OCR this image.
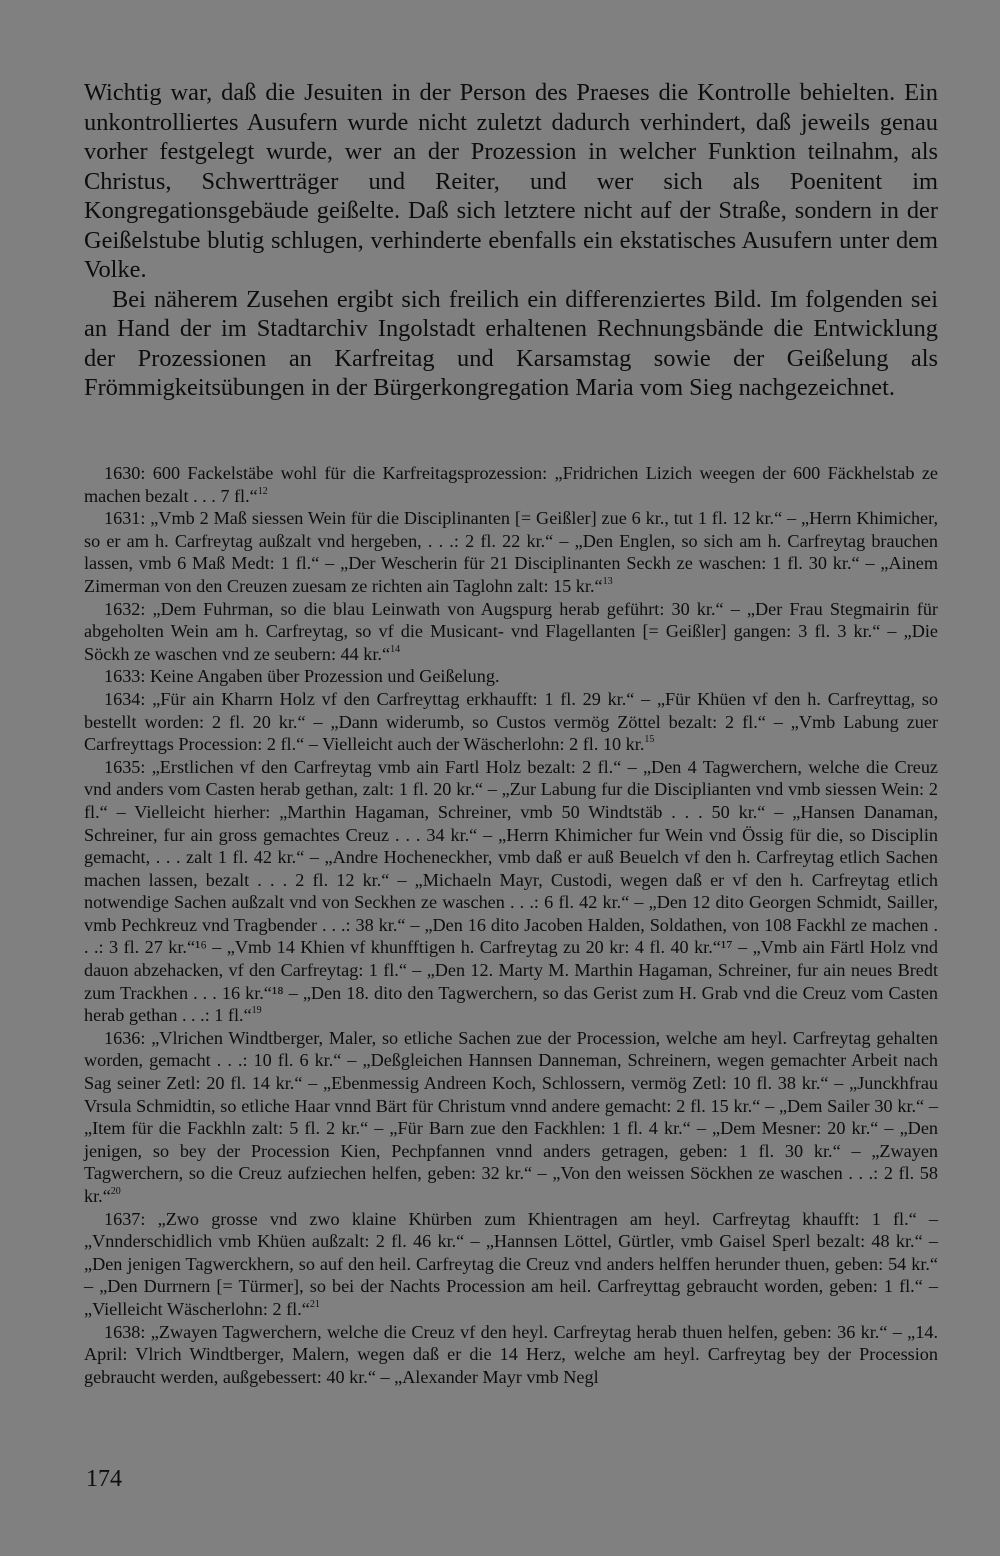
Wichtig war, daß die Jesuiten in der Person des Praeses die Kontrolle behielten. Ein unkontrolliertes Ausufern wurde nicht zuletzt dadurch verhindert, daß jeweils genau vorher festgelegt wurde, wer an der Prozession in welcher Funktion teilnahm, als Christus, Schwertträger und Reiter, und wer sich als Poenitent im Kongregationsgebäude geißelte. Daß sich letztere nicht auf der Straße, sondern in der Geißelstube blutig schlugen, verhinderte ebenfalls ein ekstatisches Ausufern unter dem Volke.

Bei näherem Zusehen ergibt sich freilich ein differenziertes Bild. Im folgenden sei an Hand der im Stadtarchiv Ingolstadt erhaltenen Rechnungsbände die Entwicklung der Prozessionen an Karfreitag und Karsamstag sowie der Geißelung als Frömmigkeitsübungen in der Bürgerkongregation Maria vom Sieg nachgezeichnet.

1630: 600 Fackelstäbe wohl für die Karfreitagsprozession: „Fridrichen Lizich weegen der 600 Fäckhelstab ze machen bezalt . . . 7 fl.“$^{12}$

1631: „Vmb 2 Maß siessen Wein für die Disciplinanten [= Geißler] zue 6 kr., tut 1 fl. 12 kr.“ – „Herrn Khimicher, so er am h. Carfreytag außzalt vnd hergeben, . . .: 2 fl. 22 kr.“ – „Den Englen, so sich am h. Carfreytag brauchen lassen, vmb 6 Maß Medt: 1 fl.“ – „Der Wescherin für 21 Disciplinanten Seckh ze waschen: 1 fl. 30 kr.“ – „Ainem Zimerman von den Creuzen zuesam ze richten ain Taglohn zalt: 15 kr.“$^{13}$

1632: „Dem Fuhrman, so die blau Leinwath von Augspurg herab geführt: 30 kr.“ – „Der Frau Stegmairin für abgeholten Wein am h. Carfreytag, so vf die Musicant- vnd Flagellanten [= Geißler] gangen: 3 fl. 3 kr.“ – „Die Söckh ze waschen vnd ze seubern: 44 kr.“$^{14}$

1633: Keine Angaben über Prozession und Geißelung.

1634: „Für ain Kharrn Holz vf den Carfreyttag erkhaufft: 1 fl. 29 kr.“ – „Für Khüen vf den h. Carfreyttag, so bestellt worden: 2 fl. 20 kr.“ – „Dann widerumb, so Custos vermög Zöttel bezalt: 2 fl.“ – „Vmb Labung zuer Carfreyttags Procession: 2 fl.“ – Vielleicht auch der Wäscherlohn: 2 fl. 10 kr.$^{15}$

1635: „Erstlichen vf den Carfreytag vmb ain Fartl Holz bezalt: 2 fl.“ – „Den 4 Tagwerchern, welche die Creuz vnd anders vom Casten herab gethan, zalt: 1 fl. 20 kr.“ – „Zur Labung fur die Disciplianten vnd vmb siessen Wein: 2 fl.“ – Vielleicht hierher: „Marthin Hagaman, Schreiner, vmb 50 Windtstäb . . . 50 kr.“ – „Hansen Danaman, Schreiner, fur ain gross gemachtes Creuz . . . 34 kr.“ – „Herrn Khimicher fur Wein vnd Össig für die, so Disciplin gemacht, . . . zalt 1 fl. 42 kr.“ – „Andre Hocheneckher, vmb daß er auß Beuelch vf den h. Carfreytag etlich Sachen machen lassen, bezalt . . . 2 fl. 12 kr.“ – „Michaeln Mayr, Custodi, wegen daß er vf den h. Carfreytag etlich notwendige Sachen außzalt vnd von Seckhen ze waschen . . .: 6 fl. 42 kr.“ – „Den 12 dito Georgen Schmidt, Sailler, vmb Pechkreuz vnd Tragbender . . .: 38 kr.“ – „Den 16 dito Jacoben Halden, Soldathen, von 108 Fackhl ze machen . . .: 3 fl. 27 kr.“¹⁶ – „Vmb 14 Khien vf khunfftigen h. Carfreytag zu 20 kr: 4 fl. 40 kr.“¹⁷ – „Vmb ain Färtl Holz vnd dauon abzehacken, vf den Carfreytag: 1 fl.“ – „Den 12. Marty M. Marthin Hagaman, Schreiner, fur ain neues Bredt zum Trackhen . . . 16 kr.“¹⁸ – „Den 18. dito den Tagwerchern, so das Gerist zum H. Grab vnd die Creuz vom Casten herab gethan . . .: 1 fl.“$^{19}$

1636: „Vlrichen Windtberger, Maler, so etliche Sachen zue der Procession, welche am heyl. Carfreytag gehalten worden, gemacht . . .: 10 fl. 6 kr.“ – „Deßgleichen Hannsen Danneman, Schreinern, wegen gemachter Arbeit nach Sag seiner Zetl: 20 fl. 14 kr.“ – „Ebenmessig Andreen Koch, Schlossern, vermög Zetl: 10 fl. 38 kr.“ – „Junckhfrau Vrsula Schmidtin, so etliche Haar vnnd Bärt für Christum vnnd andere gemacht: 2 fl. 15 kr.“ – „Dem Sailer 30 kr.“ – „Item für die Fackhln zalt: 5 fl. 2 kr.“ – „Für Barn zue den Fackhlen: 1 fl. 4 kr.“ – „Dem Mesner: 20 kr.“ – „Den jenigen, so bey der Procession Kien, Pechpfannen vnnd anders getragen, geben: 1 fl. 30 kr.“ – „Zwayen Tagwerchern, so die Creuz aufziechen helfen, geben: 32 kr.“ – „Von den weissen Söckhen ze waschen . . .: 2 fl. 58 kr.“$^{20}$

1637: „Zwo grosse vnd zwo klaine Khürben zum Khientragen am heyl. Carfreytag khaufft: 1 fl.“ – „Vnnderschidlich vmb Khüen außzalt: 2 fl. 46 kr.“ – „Hannsen Löttel, Gürtler, vmb Gaisel Sperl bezalt: 48 kr.“ – „Den jenigen Tagwerckhern, so auf den heil. Carfreytag die Creuz vnd anders helffen herunder thuen, geben: 54 kr.“ – „Den Durrnern [= Türmer], so bei der Nachts Procession am heil. Carfreyttag gebraucht worden, geben: 1 fl.“ – „Vielleicht Wäscherlohn: 2 fl.“$^{21}$

1638: „Zwayen Tagwerchern, welche die Creuz vf den heyl. Carfreytag herab thuen helfen, geben: 36 kr.“ – „14. April: Vlrich Windtberger, Malern, wegen daß er die 14 Herz, welche am heyl. Carfreytag bey der Procession gebraucht werden, außgebessert: 40 kr.“ – „Alexander Mayr vmb Negl

174
